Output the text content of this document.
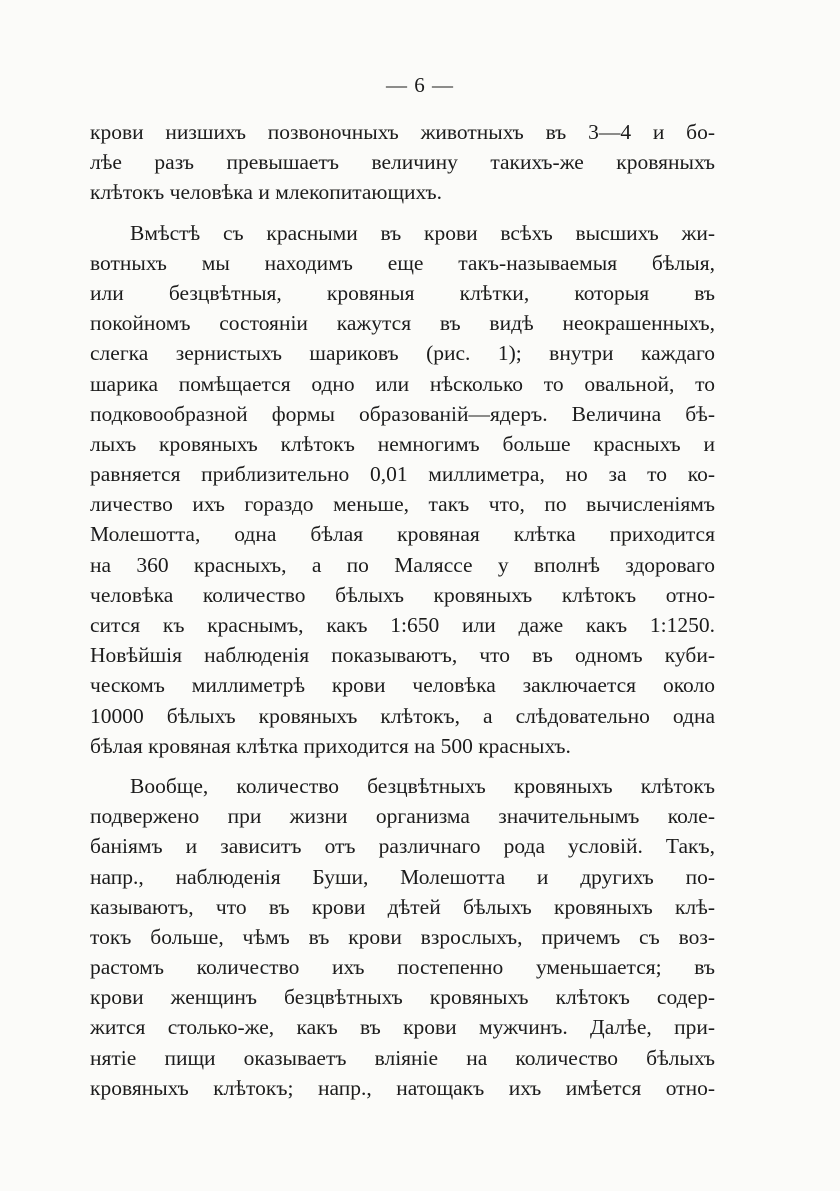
— 6 —
крови низшихъ позвоночныхъ животныхъ въ 3—4 и бо-
лѣе разъ превышаетъ величину такихъ-же кровяныхъ
клѣтокъ человѣка и млекопитающихъ.
Вмѣстѣ съ красными въ крови всѣхъ высшихъ жи-
вотныхъ мы находимъ еще такъ-называемыя бѣлыя,
или безцвѣтныя, кровяныя клѣтки, которыя въ
покойномъ состояніи кажутся въ видѣ неокрашенныхъ,
слегка зернистыхъ шариковъ (рис. 1); внутри каждаго
шарика помѣщается одно или нѣсколько то овальной, то
подковообразной формы образованій—ядеръ. Величина бѣ-
лыхъ кровяныхъ клѣтокъ немногимъ больше красныхъ и
равняется приблизительно 0,01 миллиметра, но за то ко-
личество ихъ гораздо меньше, такъ что, по вычисленіямъ
Молешотта, одна бѣлая кровяная клѣтка приходится
на 360 красныхъ, а по Маляссе у вполнѣ здороваго
человѣка количество бѣлыхъ кровяныхъ клѣтокъ отно-
сится къ краснымъ, какъ 1:650 или даже какъ 1:1250.
Новѣйшія наблюденія показываютъ, что въ одномъ куби-
ческомъ миллиметрѣ крови человѣка заключается около
10000 бѣлыхъ кровяныхъ клѣтокъ, а слѣдовательно одна
бѣлая кровяная клѣтка приходится на 500 красныхъ.
Вообще, количество безцвѣтныхъ кровяныхъ клѣтокъ
подвержено при жизни организма значительнымъ коле-
баніямъ и зависитъ отъ различнаго рода условій. Такъ,
напр., наблюденія Буши, Молешотта и другихъ по-
казываютъ, что въ крови дѣтей бѣлыхъ кровяныхъ клѣ-
токъ больше, чѣмъ въ крови взрослыхъ, причемъ съ воз-
растомъ количество ихъ постепенно уменьшается; въ
крови женщинъ безцвѣтныхъ кровяныхъ клѣтокъ содер-
жится столько-же, какъ въ крови мужчинъ. Далѣе, при-
нятіе пищи оказываетъ вліяніе на количество бѣлыхъ
кровяныхъ клѣтокъ; напр., натощакъ ихъ имѣется отно-
